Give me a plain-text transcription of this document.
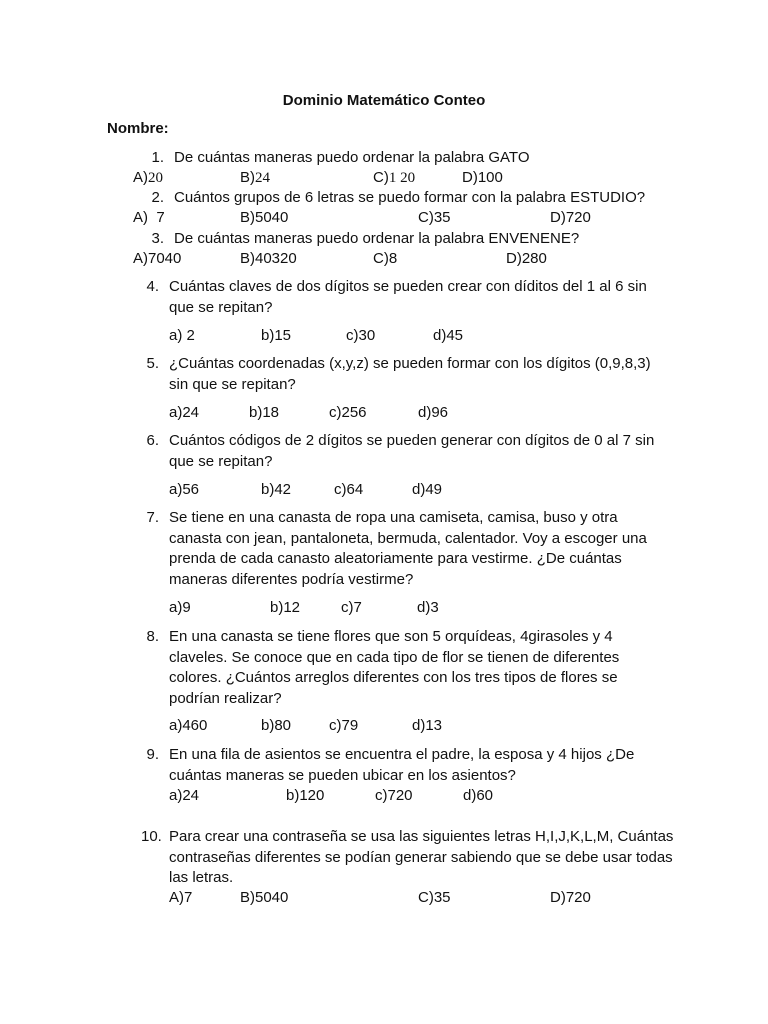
Dominio Matemático Conteo
Nombre:
1. De cuántas maneras puedo ordenar la palabra GATO
A)20	B)24	C)1 20	D)100
2. Cuántos grupos de 6 letras se puedo formar con la palabra ESTUDIO?
A)  7	B)5040	C)35	D)720
3. De cuántas maneras puedo ordenar la palabra ENVENENE?
A)7040	B)40320	C)8	D)280
4. Cuántas claves de dos dígitos se pueden crear con díditos del 1 al 6 sin que se repitan?
a) 2	b)15	c)30	d)45
5. ¿Cuántas coordenadas (x,y,z) se pueden formar con los dígitos (0,9,8,3) sin que se repitan?
a)24	b)18	c)256	d)96
6. Cuántos códigos de 2 dígitos se pueden generar con dígitos de 0 al 7 sin que se repitan?
a)56	b)42	c)64	d)49
7. Se tiene en una canasta de ropa una camiseta, camisa, buso y otra canasta con jean, pantaloneta, bermuda, calentador. Voy a escoger una prenda de cada canasto aleatoriamente para vestirme. ¿De cuántas maneras diferentes podría vestirme?
a)9	b)12	c)7	d)3
8. En una canasta se tiene flores que son 5 orquídeas, 4girasoles y 4 claveles. Se conoce que en cada tipo de flor se tienen de diferentes colores. ¿Cuántos arreglos diferentes con los tres tipos de flores se podrían realizar?
a)460	b)80	c)79	d)13
9. En una fila de asientos se encuentra el padre, la esposa y 4 hijos ¿De cuántas maneras se pueden ubicar en los asientos?
a)24	b)120	c)720	d)60
10. Para crear una contraseña se usa las siguientes letras H,I,J,K,L,M, Cuántas contraseñas diferentes se podían generar sabiendo que se debe usar todas las letras.
A)7	B)5040	C)35	D)720
